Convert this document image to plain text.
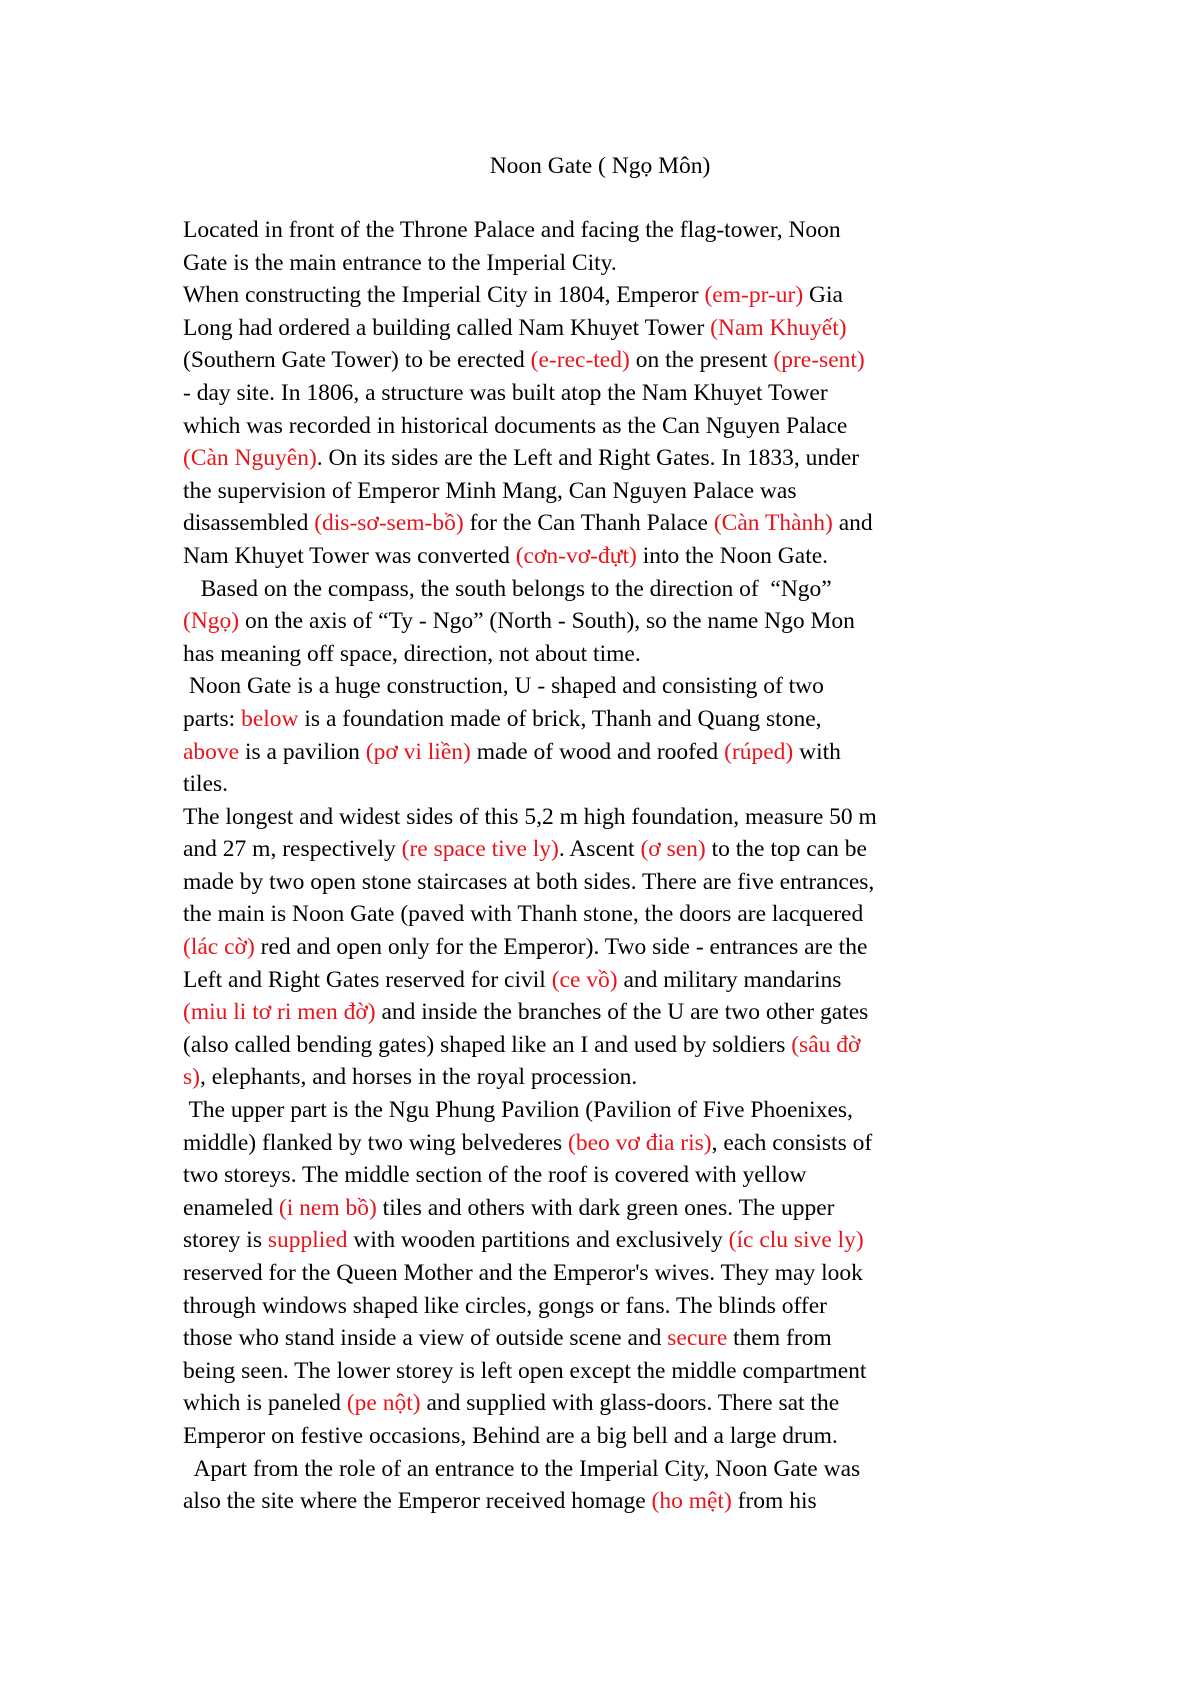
Noon Gate ( Ngọ Môn)
Located in front of the Throne Palace and facing the flag-tower, Noon
Gate is the main entrance to the Imperial City.
When constructing the Imperial City in 1804, Emperor (em-pr-ur) Gia
Long had ordered a building called Nam Khuyet Tower (Nam Khuyết)
(Southern Gate Tower) to be erected (e-rec-ted) on the present (pre-sent)
- day site. In 1806, a structure was built atop the Nam Khuyet Tower
which was recorded in historical documents as the Can Nguyen Palace
(Càn Nguyên). On its sides are the Left and Right Gates. In 1833, under
the supervision of Emperor Minh Mang, Can Nguyen Palace was
disassembled (dis-sơ-sem-bồ) for the Can Thanh Palace (Càn Thành) and
Nam Khuyet Tower was converted (cơn-vơ-đựt) into the Noon Gate.
Based on the compass, the south belongs to the direction of  “Ngo”
(Ngọ) on the axis of “Ty - Ngo” (North - South), so the name Ngo Mon
has meaning off space, direction, not about time.
Noon Gate is a huge construction, U - shaped and consisting of two
parts: below is a foundation made of brick, Thanh and Quang stone,
above is a pavilion (pơ vi liền) made of wood and roofed (rúped) with
tiles.
The longest and widest sides of this 5,2 m high foundation, measure 50 m
and 27 m, respectively (re space tive ly). Ascent (ơ sen) to the top can be
made by two open stone staircases at both sides. There are five entrances,
the main is Noon Gate (paved with Thanh stone, the doors are lacquered
(lác cờ) red and open only for the Emperor). Two side - entrances are the
Left and Right Gates reserved for civil (ce vồ) and military mandarins
(miu li tơ ri men đờ) and inside the branches of the U are two other gates
(also called bending gates) shaped like an I and used by soldiers (sâu đờ
s), elephants, and horses in the royal procession.
The upper part is the Ngu Phung Pavilion (Pavilion of Five Phoenixes,
middle) flanked by two wing belvederes (beo vơ đia ris), each consists of
two storeys. The middle section of the roof is covered with yellow
enameled (i nem bồ) tiles and others with dark green ones. The upper
storey is supplied with wooden partitions and exclusively (íc clu sive ly)
reserved for the Queen Mother and the Emperor's wives. They may look
through windows shaped like circles, gongs or fans. The blinds offer
those who stand inside a view of outside scene and secure them from
being seen. The lower storey is left open except the middle compartment
which is paneled (pe nột) and supplied with glass-doors. There sat the
Emperor on festive occasions, Behind are a big bell and a large drum.
Apart from the role of an entrance to the Imperial City, Noon Gate was
also the site where the Emperor received homage (ho mệt) from his
